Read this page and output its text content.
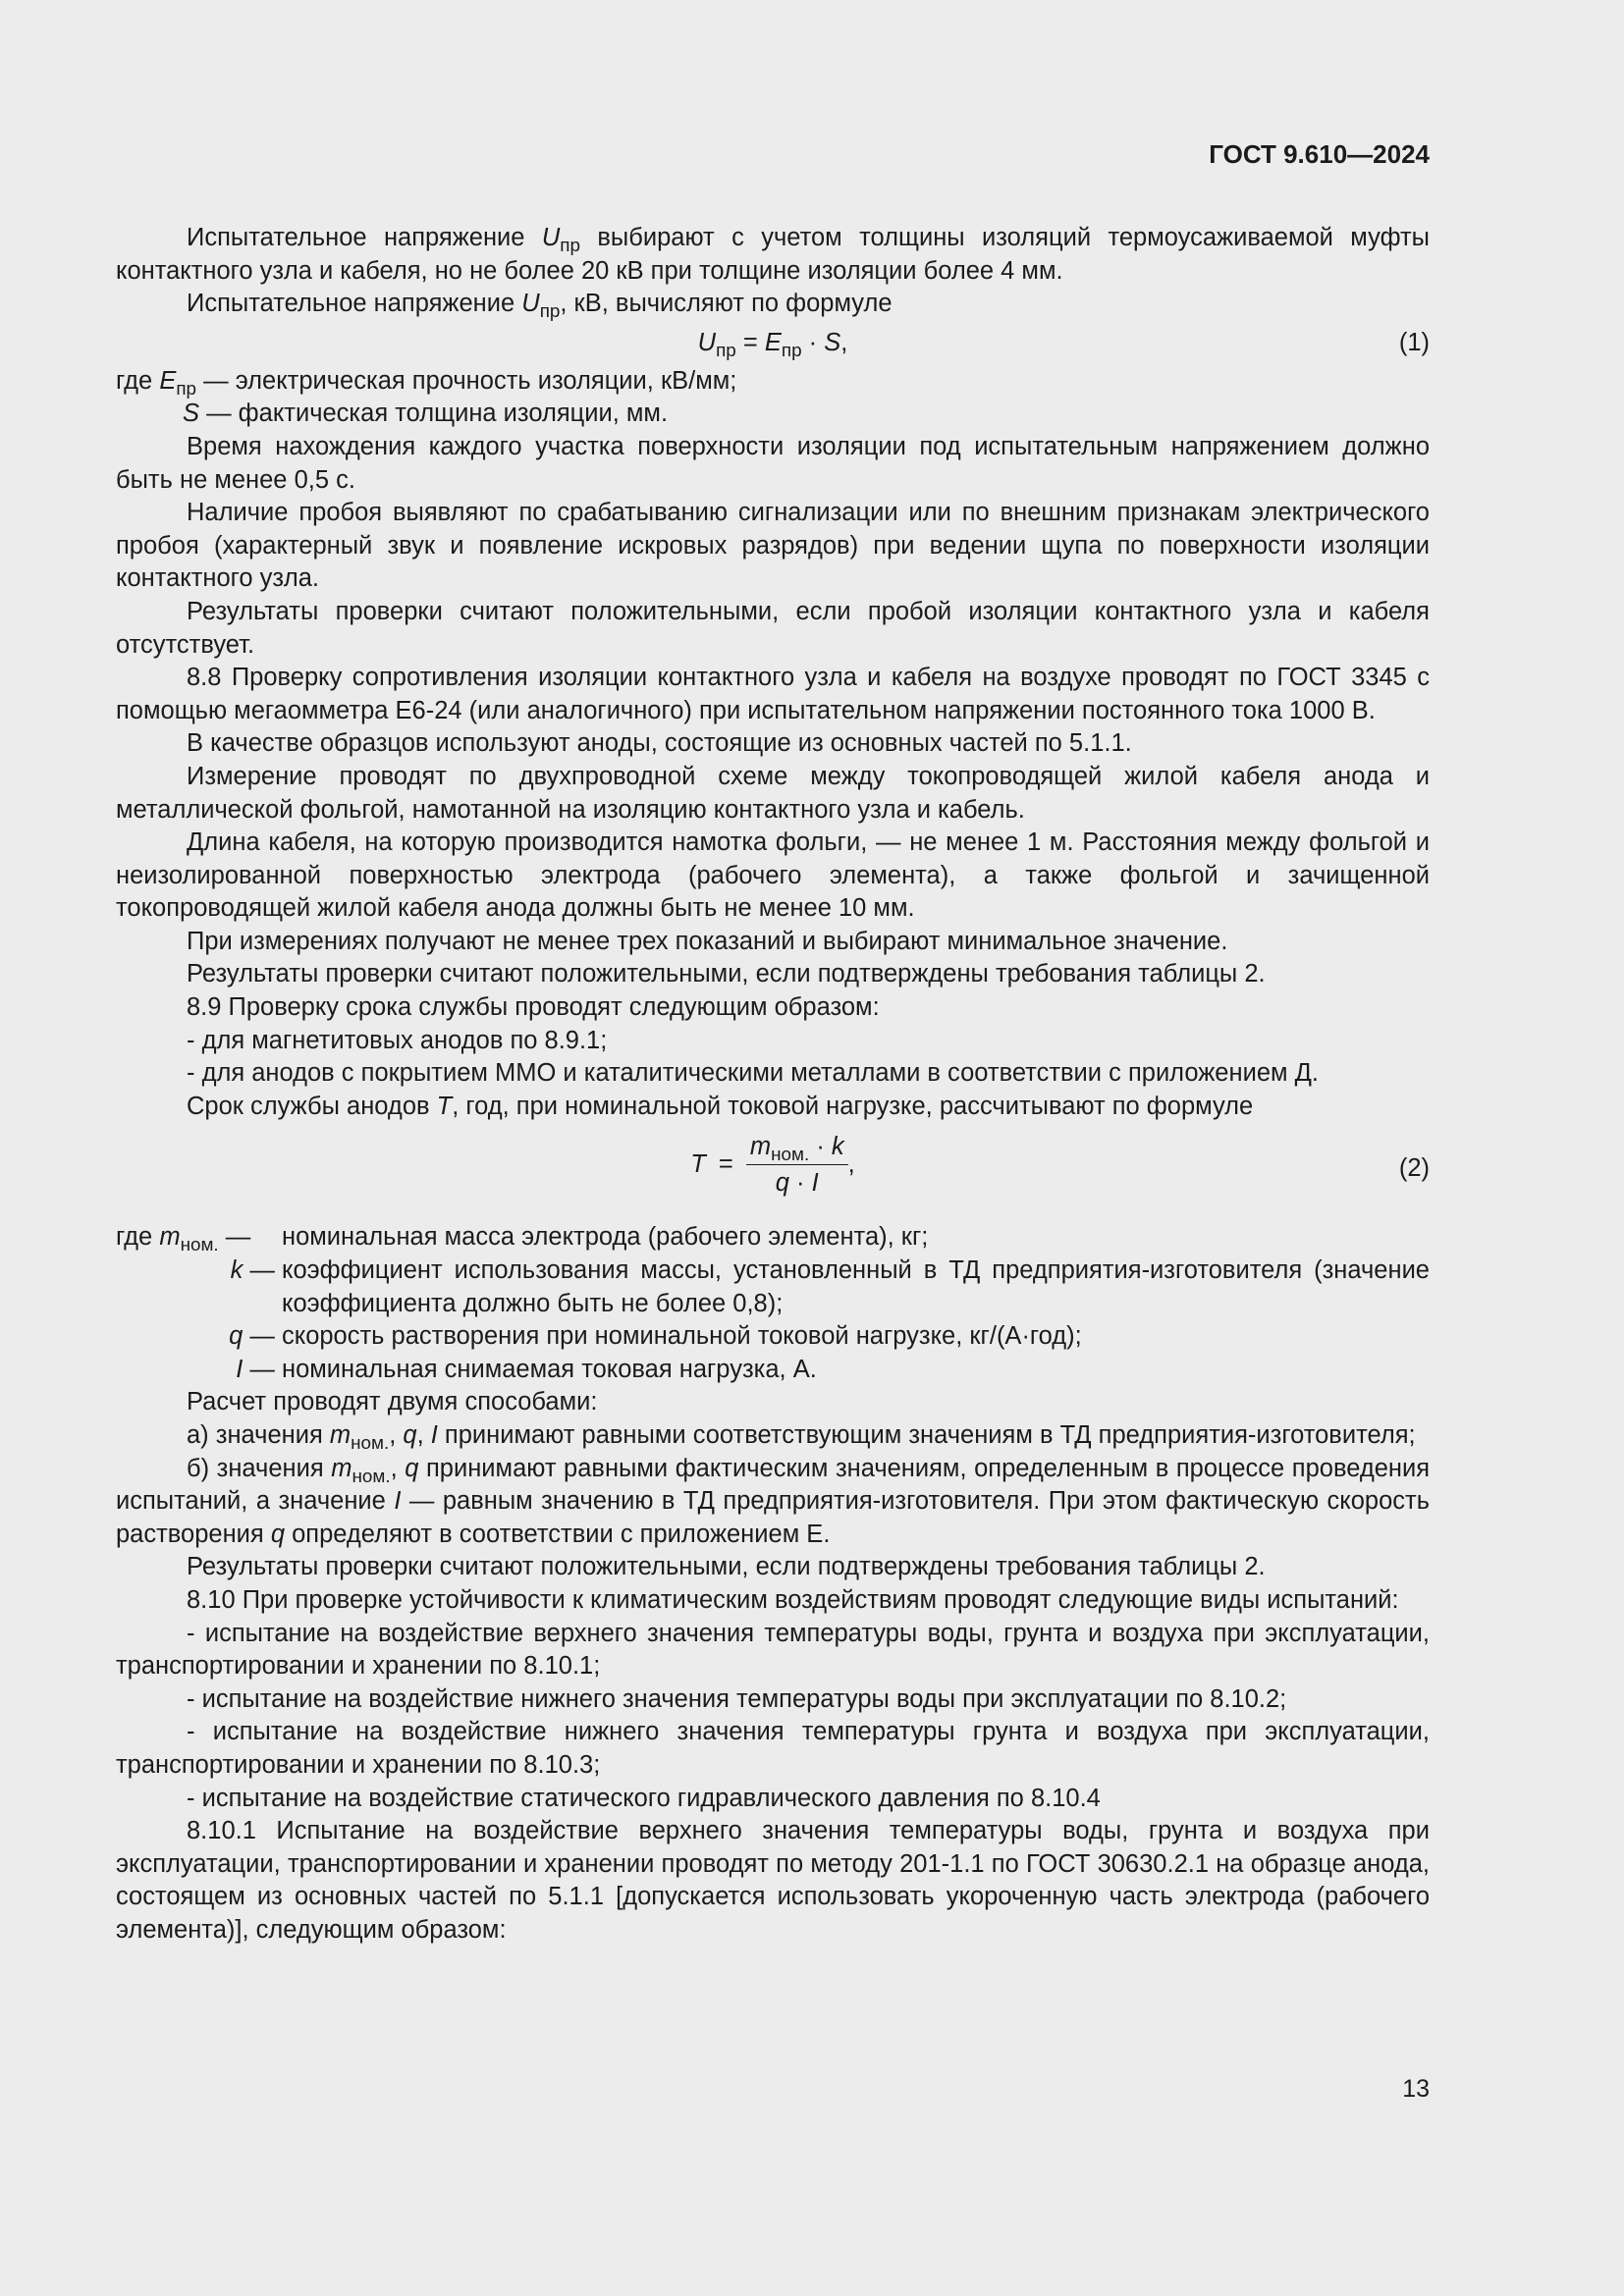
ГОСТ 9.610—2024

Испытательное напряжение $U_{пр}$ выбирают с учетом толщины изоляций термоусаживаемой муфты контактного узла и кабеля, но не более 20 кВ при толщине изоляции более 4 мм.

Испытательное напряжение $U_{пр}$, кВ, вычисляют по формуле

$U_{пр} = E_{пр} \cdot S$,	(1)
где $E_{пр}$ — электрическая прочность изоляции, кВ/мм;
S — фактическая толщина изоляции, мм.

Время нахождения каждого участка поверхности изоляции под испытательным напряжением должно быть не менее 0,5 с.

Наличие пробоя выявляют по срабатыванию сигнализации или по внешним признакам электрического пробоя (характерный звук и появление искровых разрядов) при ведении щупа по поверхности изоляции контактного узла.

Результаты проверки считают положительными, если пробой изоляции контактного узла и кабеля отсутствует.

8.8 Проверку сопротивления изоляции контактного узла и кабеля на воздухе проводят по ГОСТ 3345 с помощью мегаомметра Е6-24 (или аналогичного) при испытательном напряжении постоянного тока 1000 В.

В качестве образцов используют аноды, состоящие из основных частей по 5.1.1.

Измерение проводят по двухпроводной схеме между токопроводящей жилой кабеля анода и металлической фольгой, намотанной на изоляцию контактного узла и кабель.

Длина кабеля, на которую производится намотка фольги, — не менее 1 м. Расстояния между фольгой и неизолированной поверхностью электрода (рабочего элемента), а также фольгой и зачищенной токопроводящей жилой кабеля анода должны быть не менее 10 мм.

При измерениях получают не менее трех показаний и выбирают минимальное значение.

Результаты проверки считают положительными, если подтверждены требования таблицы 2.

8.9 Проверку срока службы проводят следующим образом:

- для магнетитовых анодов по 8.9.1;

- для анодов с покрытием ММО и каталитическими металлами в соответствии с приложением Д.

Срок службы анодов T, год, при номинальной токовой нагрузке, рассчитывают по формуле

$T = \frac{m_{ном.} \cdot k}{q \cdot I}$ ,	(2)
где $m_{ном.}$ —	номинальная масса электрода (рабочего элемента), кг;
k — коэффициент использования массы, установленный в ТД предприятия-изготовителя (значение коэффициента должно быть не более 0,8);
q — скорость растворения при номинальной токовой нагрузке, кг/(А·год);
I — номинальная снимаемая токовая нагрузка, А.

Расчет проводят двумя способами:

а) значения $m_{ном.}$, q, I принимают равными соответствующим значениям в ТД предприятия-изготовителя;

б) значения $m_{ном.}$, q принимают равными фактическим значениям, определенным в процессе проведения испытаний, а значение I — равным значению в ТД предприятия-изготовителя. При этом фактическую скорость растворения q определяют в соответствии с приложением Е.

Результаты проверки считают положительными, если подтверждены требования таблицы 2.

8.10 При проверке устойчивости к климатическим воздействиям проводят следующие виды испытаний:

- испытание на воздействие верхнего значения температуры воды, грунта и воздуха при эксплуатации, транспортировании и хранении по 8.10.1;

- испытание на воздействие нижнего значения температуры воды при эксплуатации по 8.10.2;

- испытание на воздействие нижнего значения температуры грунта и воздуха при эксплуатации, транспортировании и хранении по 8.10.3;

- испытание на воздействие статического гидравлического давления по 8.10.4

8.10.1 Испытание на воздействие верхнего значения температуры воды, грунта и воздуха при эксплуатации, транспортировании и хранении проводят по методу 201-1.1 по ГОСТ 30630.2.1 на образце анода, состоящем из основных частей по 5.1.1 [допускается использовать укороченную часть электрода (рабочего элемента)], следующим образом:

13
